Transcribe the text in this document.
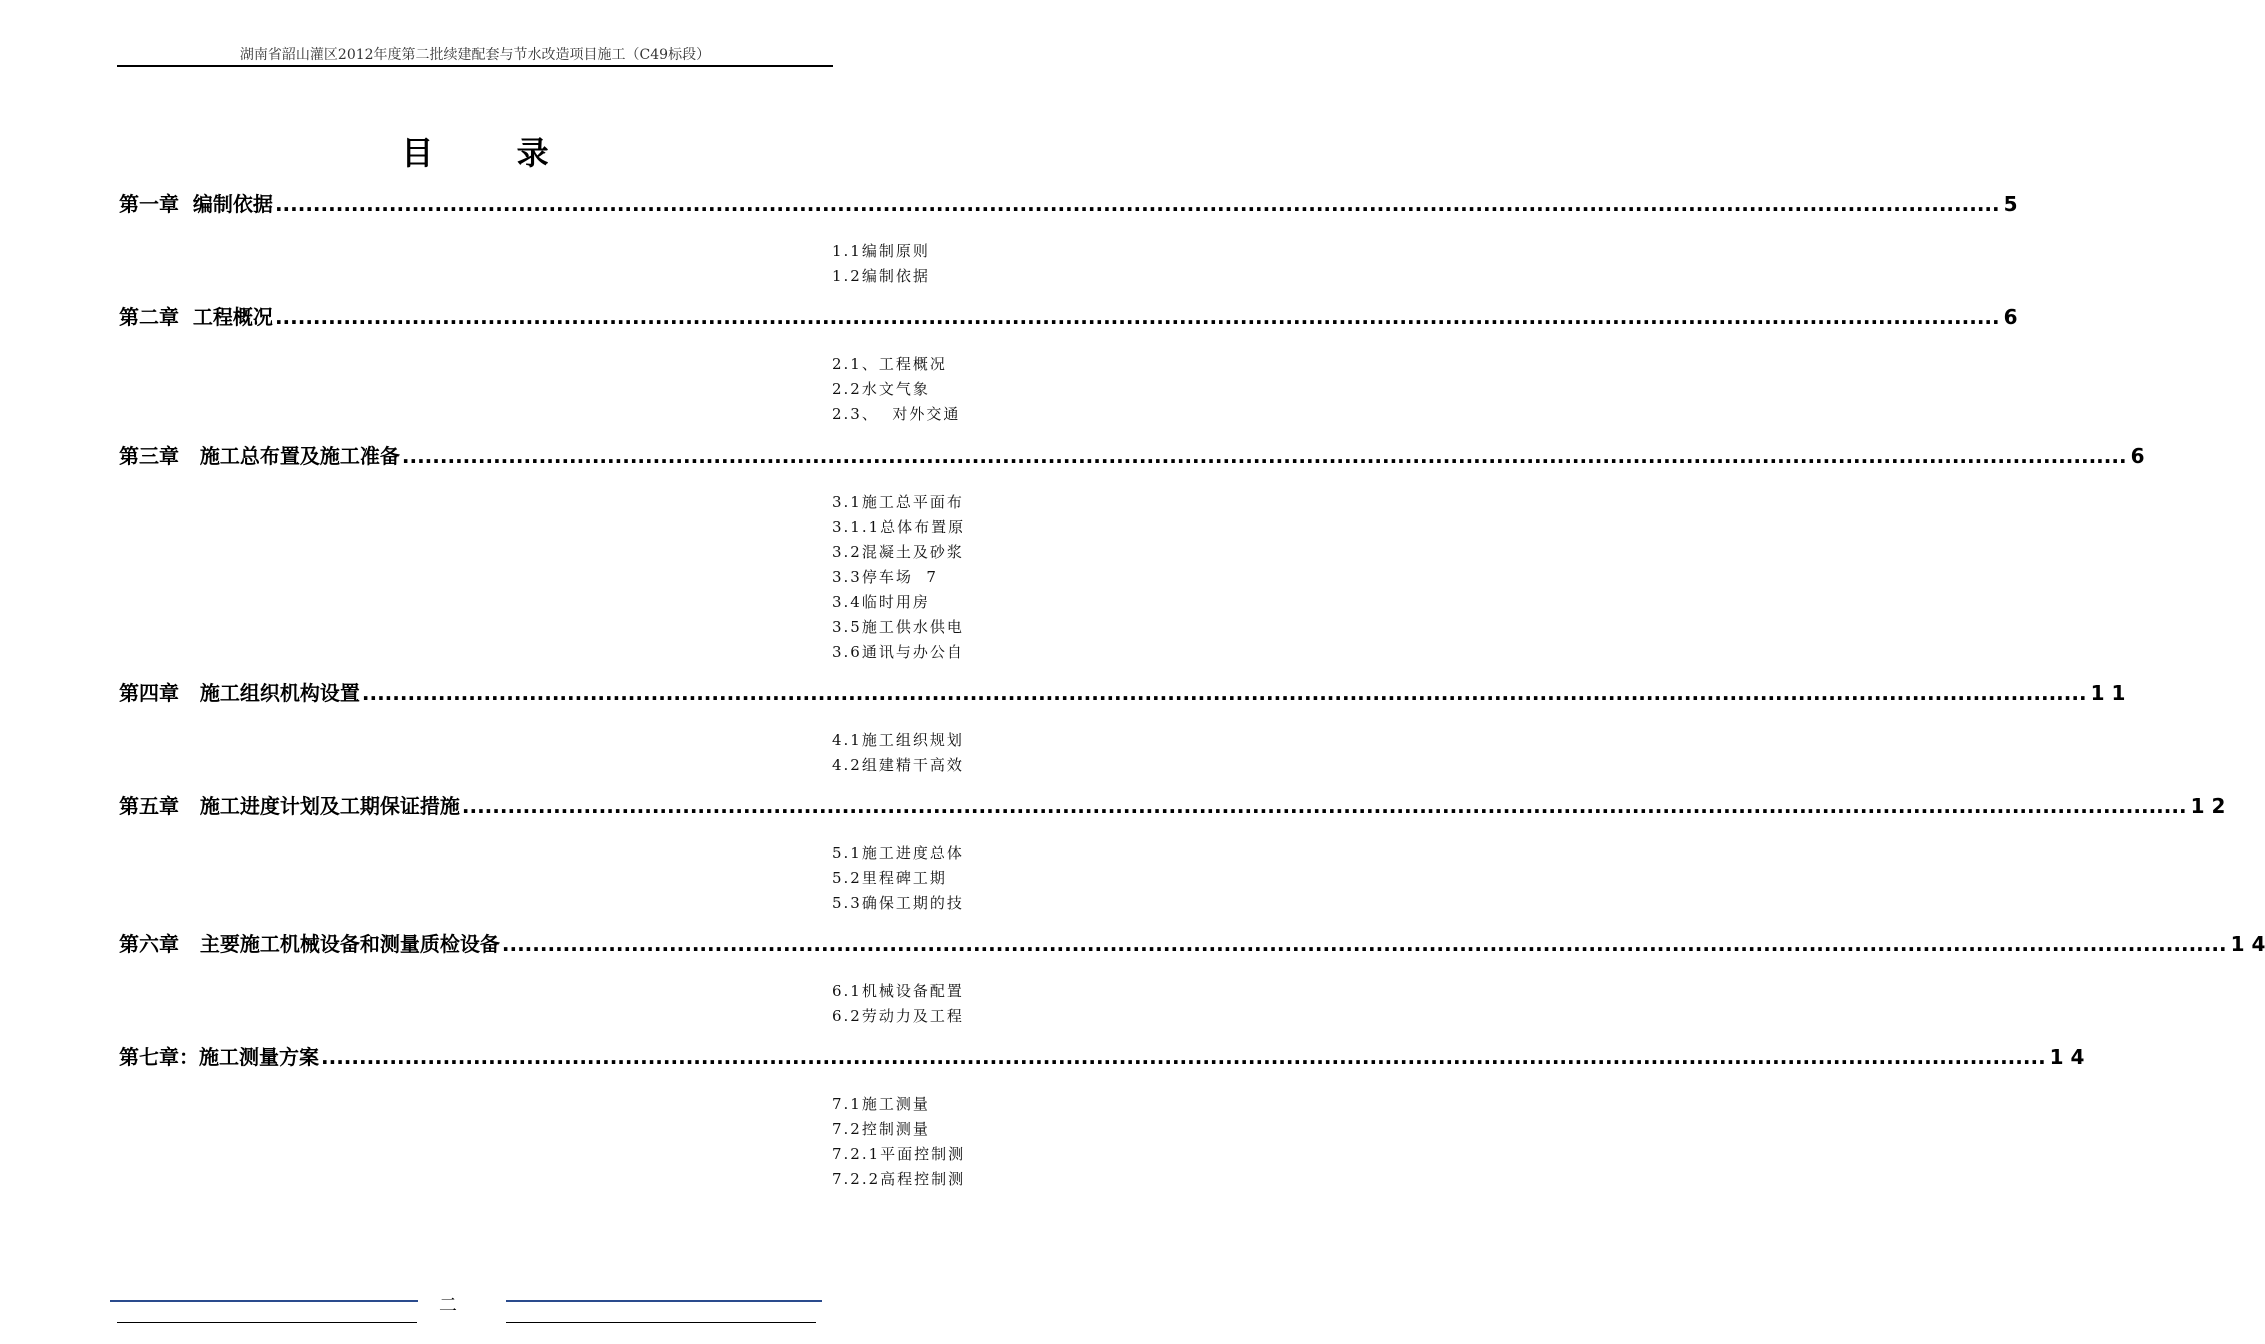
湖南省韶山灌区2012年度第二批续建配套与节水改造项目施工（C49标段）
目 录
第一章  编制依据 .....	5
1.1编制原则
1.2编制依据
第二章  工程概况 .....	6
2.1、工程概况
2.2水文气象
2.3、  对外交通
第三章   施工总布置及施工准备 .....	6
3.1施工总平面布
3.1.1总体布置原
3.2混凝土及砂浆
3.3停车场  7
3.4临时用房
3.5施工供水供电
3.6通讯与办公自
第四章   施工组织机构设置 .....	1 1
4.1施工组织规划
4.2组建精干高效
第五章   施工进度计划及工期保证措施 .....	1 2
5.1施工进度总体
5.2里程碑工期
5.3确保工期的技
第六章   主要施工机械设备和测量质检设备 .....	1 4
6.1机械设备配置
6.2劳动力及工程
第七章：施工测量方案 .....	1 4
7.1施工测量
7.2控制测量
7.2.1平面控制测
7.2.2高程控制测
二
